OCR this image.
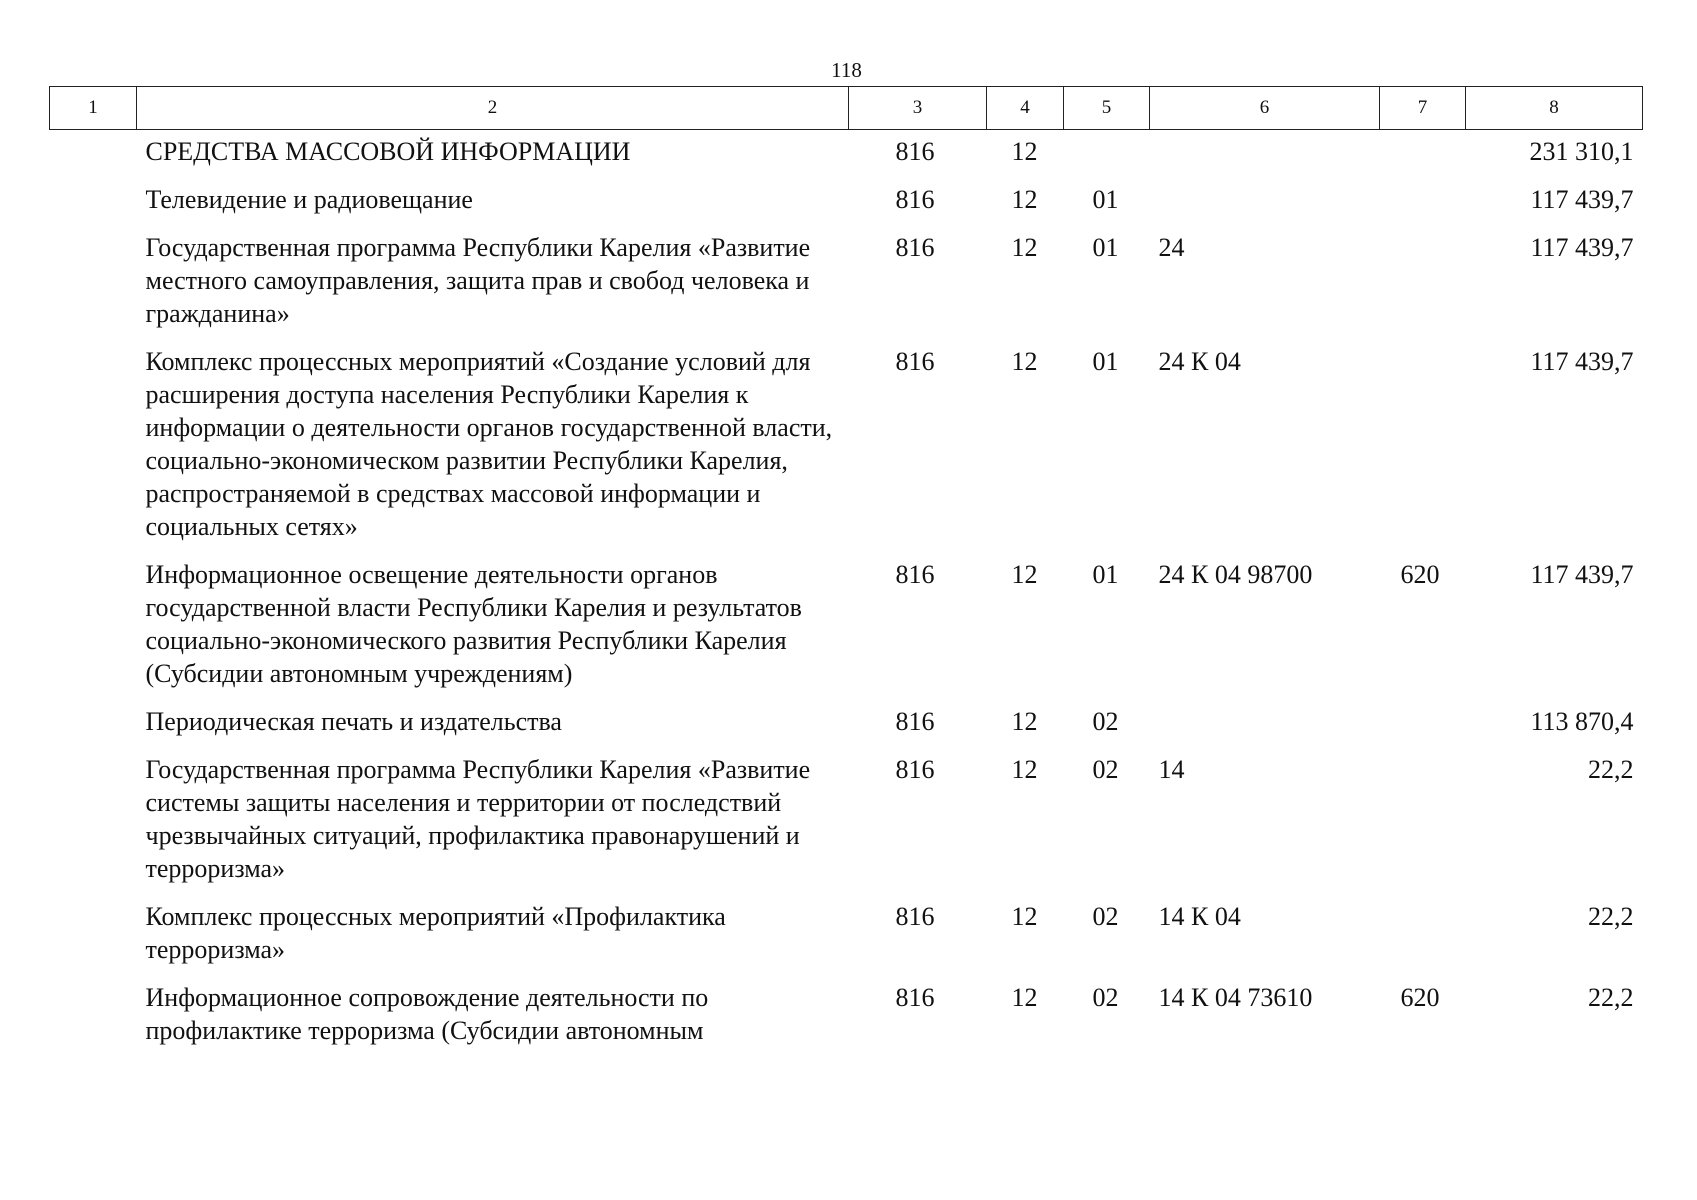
118
1	2	3	4	5	6	7	8
	СРЕДСТВА МАССОВОЙ ИНФОРМАЦИИ	816	12				231 310,1
	Телевидение и радиовещание	816	12	01			117 439,7
	Государственная программа Республики Карелия «Развитие местного самоуправления, защита прав и свобод человека и гражданина»	816	12	01	24		117 439,7
	Комплекс процессных мероприятий «Создание условий для расширения доступа населения Республики Карелия к информации о деятельности органов государственной власти, социально-экономическом развитии Республики Карелия, распространяемой в средствах массовой информации и социальных сетях»	816	12	01	24 К 04		117 439,7
	Информационное освещение деятельности органов государственной власти Республики Карелия и результатов социально-экономического развития Республики Карелия (Субсидии автономным учреждениям)	816	12	01	24 К 04 98700	620	117 439,7
	Периодическая печать и издательства	816	12	02			113 870,4
	Государственная программа Республики Карелия «Развитие системы защиты населения и территории от последствий чрезвычайных ситуаций, профилактика правонарушений и терроризма»	816	12	02	14		22,2
	Комплекс процессных мероприятий «Профилактика терроризма»	816	12	02	14 К 04		22,2
	Информационное сопровождение деятельности по профилактике терроризма (Субсидии автономным	816	12	02	14 К 04 73610	620	22,2
